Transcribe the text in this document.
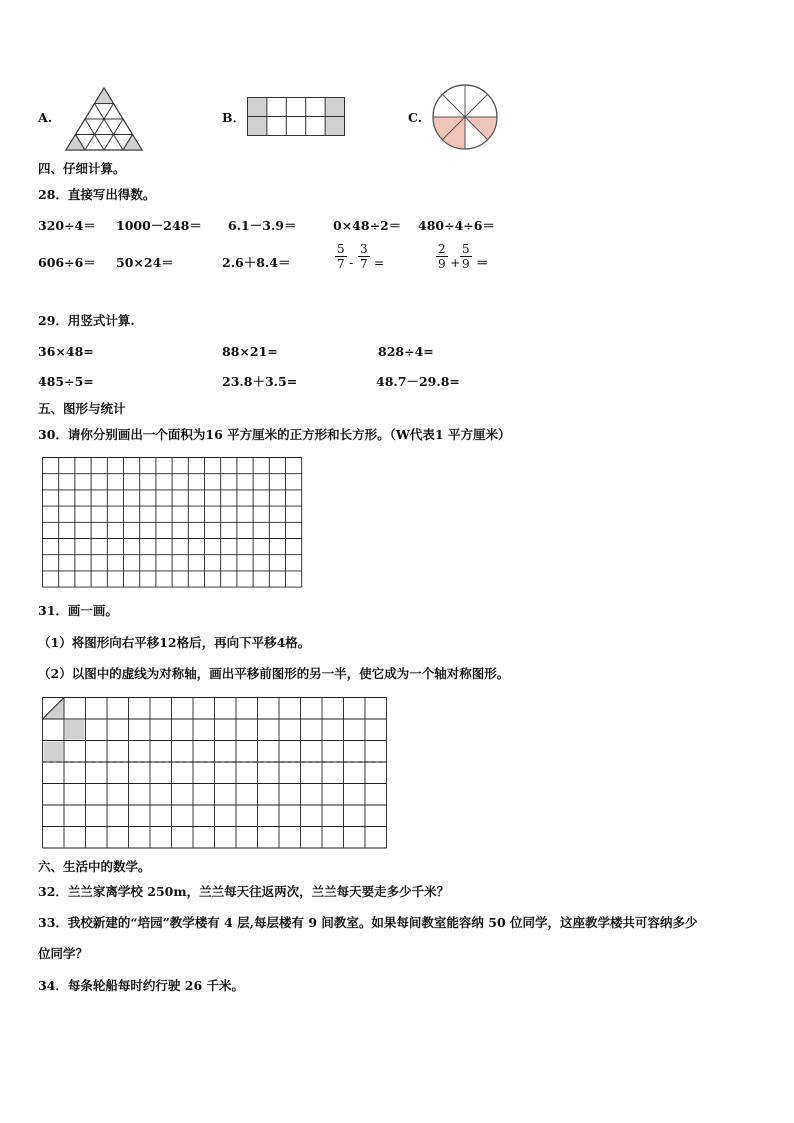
A.	B．	C.
四、仔细计算。
28．直接写出得数。
320÷4＝ 1000－248＝ 6.1－3.9＝	0×48÷2＝ 480÷4÷6＝
606÷6＝ 50×24＝	2.6＋8.4＝	$\frac{5}{7} - \frac{3}{7}$ =	$\frac{2}{9} + \frac{5}{9}$ ＝
29．用竖式计算.
36×48=	88×21=	828÷4=
485÷5=	23.8＋3.5=	48.7－29.8=
五、图形与统计
30．请你分别画出一个面积为16 平方厘米的正方形和长方形。（W代表1 平方厘米）
31．画一画。
（1）将图形向右平移12格后，再向下平移4格。
（2）以图中的虚线为对称轴，画出平移前图形的另一半，使它成为一个轴对称图形。
六、生活中的数学。
32．兰兰家离学校 250m，兰兰每天往返两次，兰兰每天要走多少千米？
33．我校新建的“培园”教学楼有 4 层,每层楼有 9 间教室。如果每间教室能容纳 50 位同学，这座教学楼共可容纳多少
位同学？
34．每条轮船每时约行驶 26 千米。
